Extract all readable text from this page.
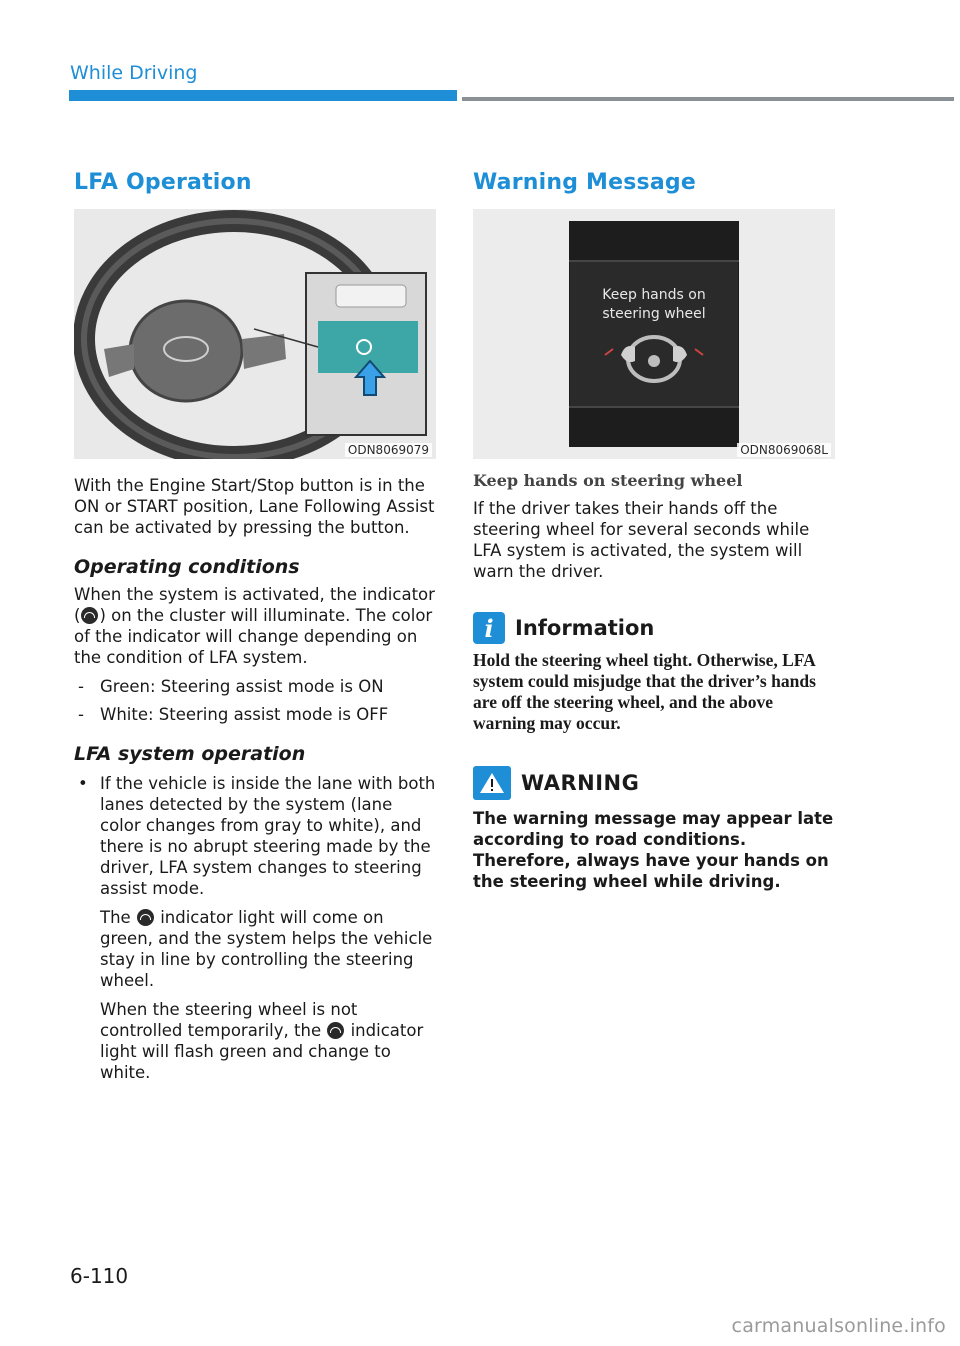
While Driving
LFA Operation
ODN8069079

With the Engine Start/Stop button is in the ON or START position, Lane Following Assist can be activated by pressing the button.

Operating conditions

When the system is activated, the indicator ( ) on the cluster will illuminate. The color of the indicator will change depending on the condition of LFA system.

- Green: Steering assist mode is ON
- White: Steering assist mode is OFF
LFA system operation
• If the vehicle is inside the lane with both lanes detected by the system (lane color changes from gray to white), and there is no abrupt steering made by the driver, LFA system changes to steering assist mode.

The indicator light will come on green, and the system helps the vehicle stay in line by controlling the steering wheel.

When the steering wheel is not controlled temporarily, the indicator light will flash green and change to white.

Warning Message
Keep hands on
steering wheel
ODN8069068L
Keep hands on steering wheel

If the driver takes their hands off the steering wheel for several seconds while LFA system is activated, the system will warn the driver.

i	Information

Hold the steering wheel tight. Otherwise, LFA system could misjudge that the driver’s hands are off the steering wheel, and the above warning may occur.

WARNING

The warning message may appear late according to road conditions. Therefore, always have your hands on the steering wheel while driving.

6-110
carmanualsonline.info
